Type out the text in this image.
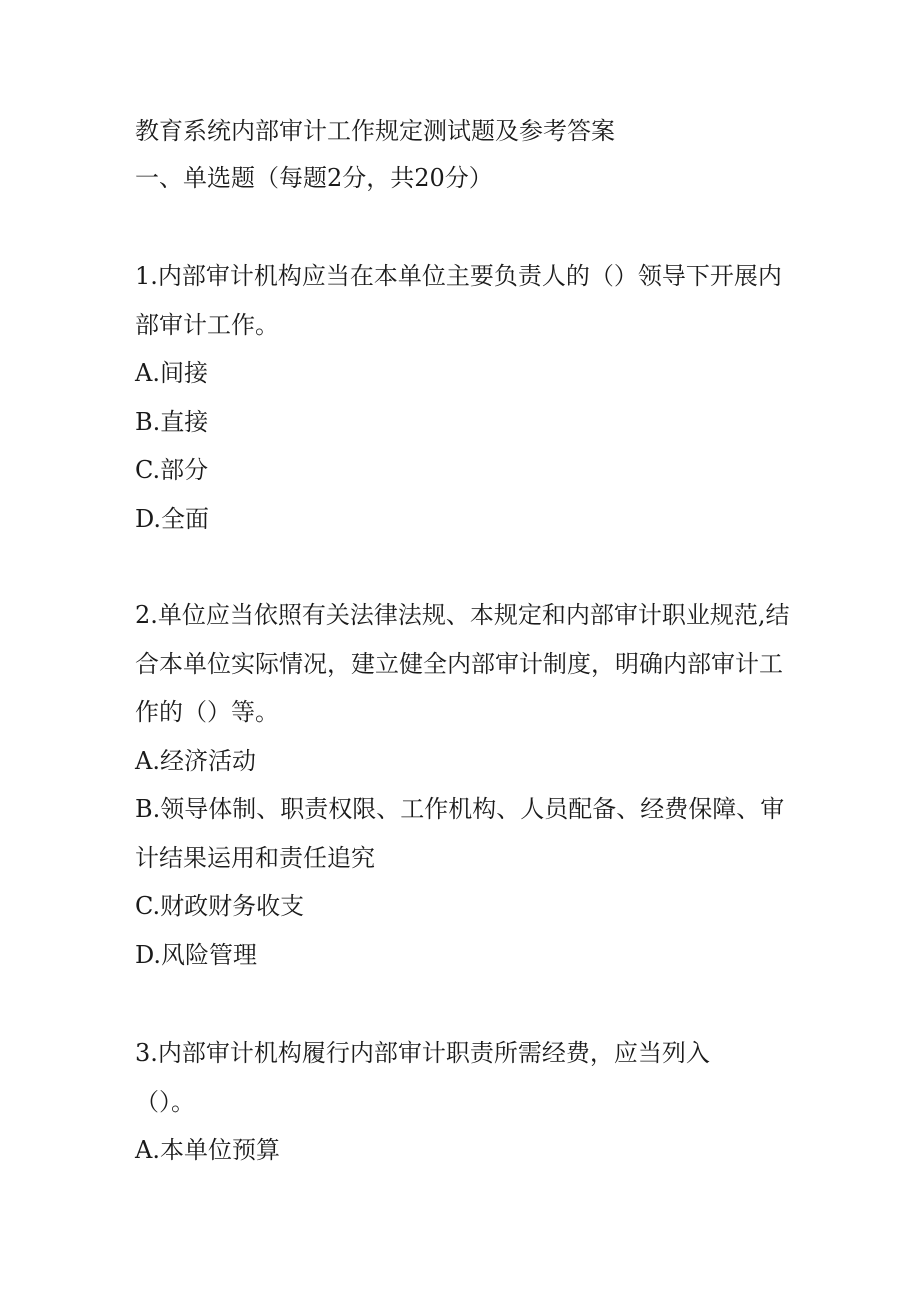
教育系统内部审计工作规定测试题及参考答案
一、单选题（每题2分，共20分）
1.内部审计机构应当在本单位主要负责人的（）领导下开展内部审计工作。
A.间接
B.直接
C.部分
D.全面
2.单位应当依照有关法律法规、本规定和内部审计职业规范,结合本单位实际情况，建立健全内部审计制度，明确内部审计工作的（）等。
A.经济活动
B.领导体制、职责权限、工作机构、人员配备、经费保障、审计结果运用和责任追究
C.财政财务收支
D.风险管理
3.内部审计机构履行内部审计职责所需经费，应当列入（）。
A.本单位预算
